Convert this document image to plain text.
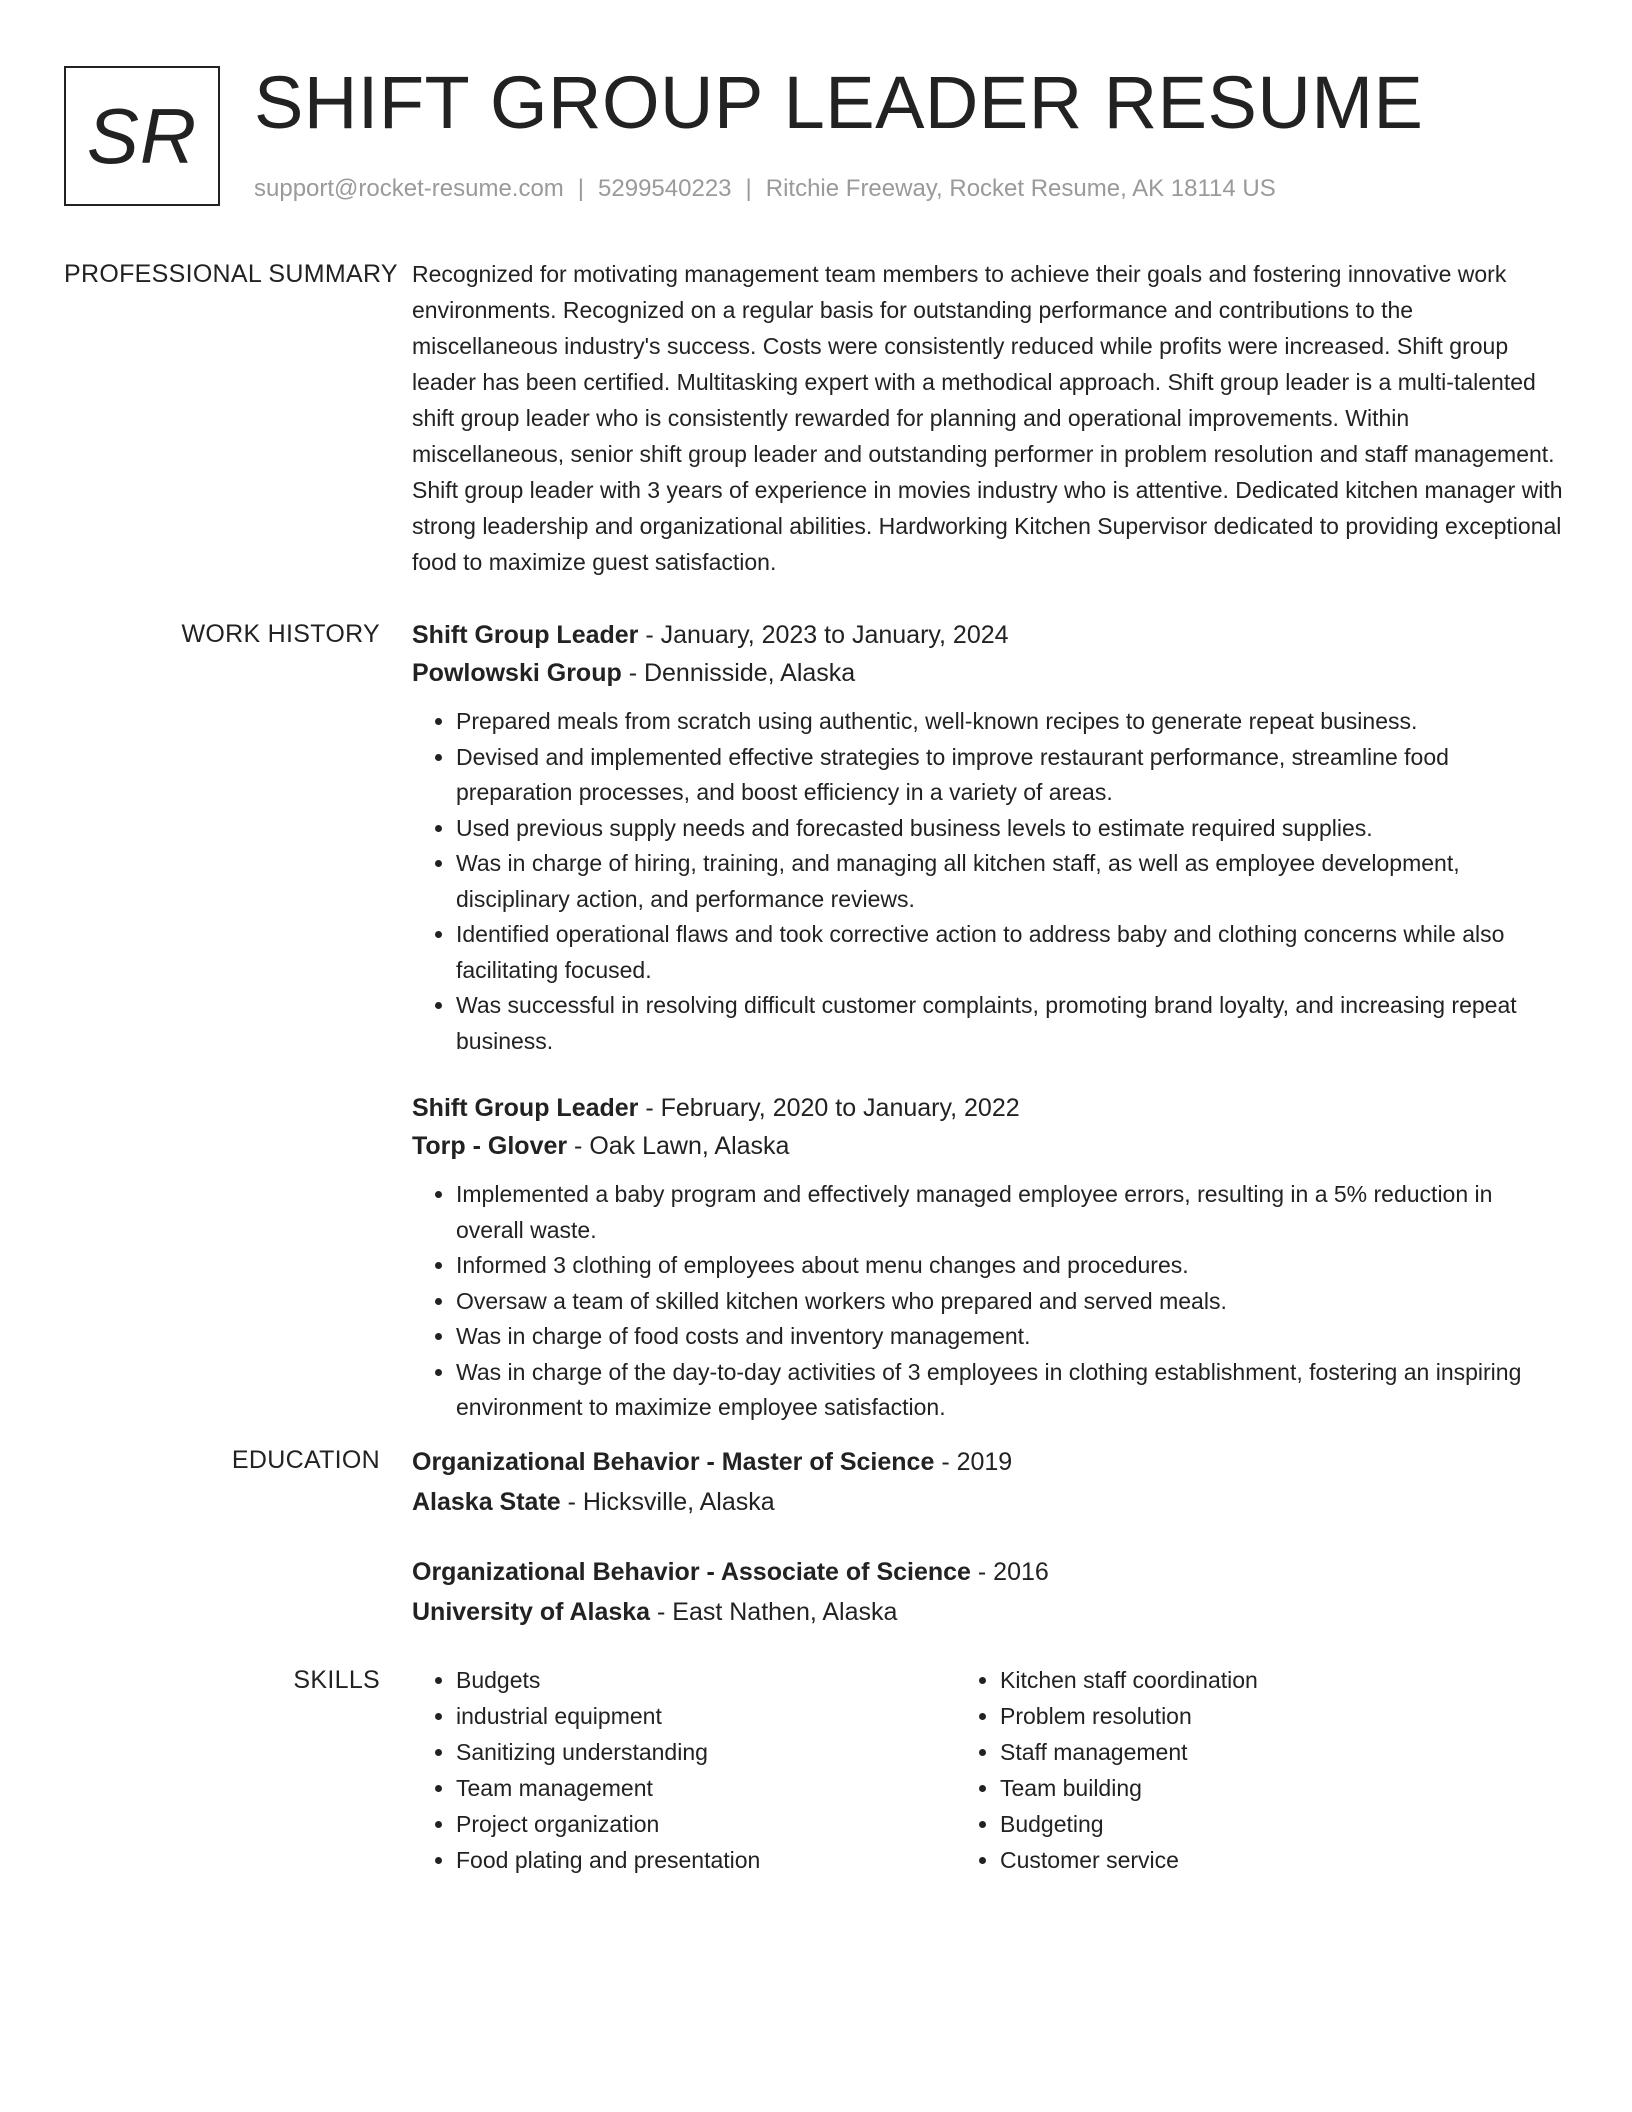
SR SHIFT GROUP LEADER RESUME
support@rocket-resume.com | 5299540223 | Ritchie Freeway, Rocket Resume, AK 18114 US
PROFESSIONAL SUMMARY Recognized for motivating management team members to achieve their goals and fostering innovative work environments. Recognized on a regular basis for outstanding performance and contributions to the miscellaneous industry's success. Costs were consistently reduced while profits were increased. Shift group leader has been certified. Multitasking expert with a methodical approach. Shift group leader is a multi-talented shift group leader who is consistently rewarded for planning and operational improvements. Within miscellaneous, senior shift group leader and outstanding performer in problem resolution and staff management. Shift group leader with 3 years of experience in movies industry who is attentive. Dedicated kitchen manager with strong leadership and organizational abilities. Hardworking Kitchen Supervisor dedicated to providing exceptional food to maximize guest satisfaction.

WORK HISTORY	Shift Group Leader - January, 2023 to January, 2024
Powlowski Group - Dennisside, Alaska
• Prepared meals from scratch using authentic, well-known recipes to generate repeat business.
• Devised and implemented effective strategies to improve restaurant performance, streamline food preparation processes, and boost efficiency in a variety of areas.
• Used previous supply needs and forecasted business levels to estimate required supplies.
• Was in charge of hiring, training, and managing all kitchen staff, as well as employee development, disciplinary action, and performance reviews.
• Identified operational flaws and took corrective action to address baby and clothing concerns while also facilitating focused.
• Was successful in resolving difficult customer complaints, promoting brand loyalty, and increasing repeat business.
Shift Group Leader - February, 2020 to January, 2022
Torp - Glover - Oak Lawn, Alaska
• Implemented a baby program and effectively managed employee errors, resulting in a 5% reduction in overall waste.
• Informed 3 clothing of employees about menu changes and procedures.
• Oversaw a team of skilled kitchen workers who prepared and served meals.
• Was in charge of food costs and inventory management.
• Was in charge of the day-to-day activities of 3 employees in clothing establishment, fostering an inspiring environment to maximize employee satisfaction.
EDUCATION	Organizational Behavior - Master of Science - 2019
Alaska State - Hicksville, Alaska
Organizational Behavior - Associate of Science - 2016
University of Alaska - East Nathen, Alaska
SKILLS
•	Budgets
• industrial equipment
• Sanitizing understanding
• Team management
• Project organization
• Food plating and presentation
• Kitchen staff coordination
• Problem resolution
• Staff management
• Team building
• Budgeting
• Customer service
